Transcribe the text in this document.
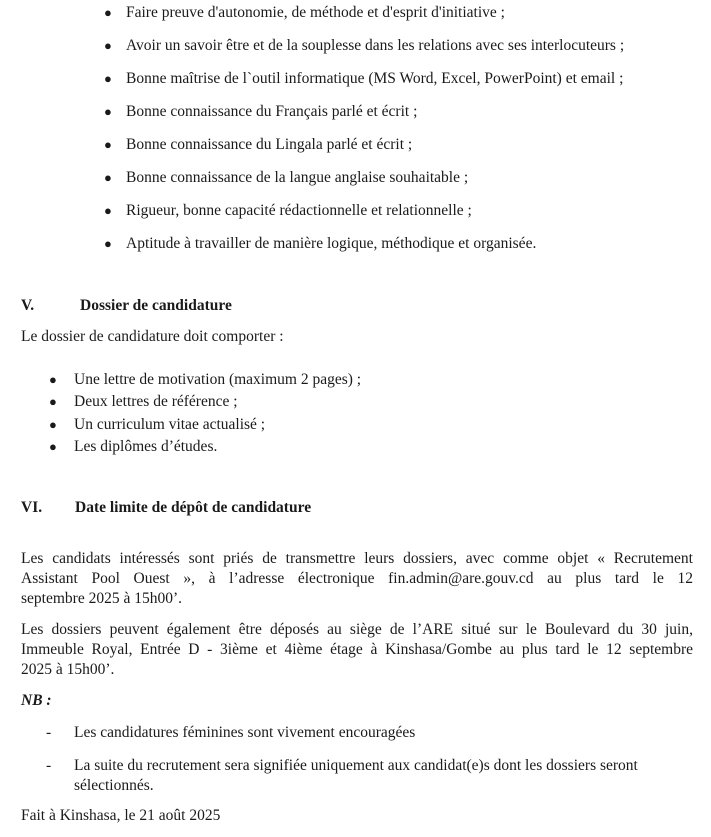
● Faire preuve d'autonomie, de méthode et d'esprit d'initiative ;
● Avoir un savoir être et de la souplesse dans les relations avec ses interlocuteurs ;
● Bonne maîtrise de l`outil informatique (MS Word, Excel, PowerPoint) et email ;
● Bonne connaissance du Français parlé et écrit ;
● Bonne connaissance du Lingala parlé et écrit ;
● Bonne connaissance de la langue anglaise souhaitable ;
● Rigueur, bonne capacité rédactionnelle et relationnelle ;
● Aptitude à travailler de manière logique, méthodique et organisée.
V.	Dossier de candidature
Le dossier de candidature doit comporter :
● Une lettre de motivation (maximum 2 pages) ;
● Deux lettres de référence ;
● Un curriculum vitae actualisé ;
● Les diplômes d’études.
VI. Date limite de dépôt de candidature
Les candidats intéressés sont priés de transmettre leurs dossiers, avec comme objet « Recrutement
Assistant Pool Ouest », à l’adresse électronique fin.admin@are.gouv.cd au plus tard le 12
septembre 2025 à 15h00’.
Les dossiers peuvent également être déposés au siège de l’ARE situé sur le Boulevard du 30 juin,
Immeuble Royal, Entrée D - 3ième et 4ième étage à Kinshasa/Gombe au plus tard le 12 septembre
2025 à 15h00’.
NB :
- Les candidatures féminines sont vivement encouragées
- La suite du recrutement sera signifiée uniquement aux candidat(e)s dont les dossiers seront sélectionnés.
Fait à Kinshasa, le 21 août 2025
